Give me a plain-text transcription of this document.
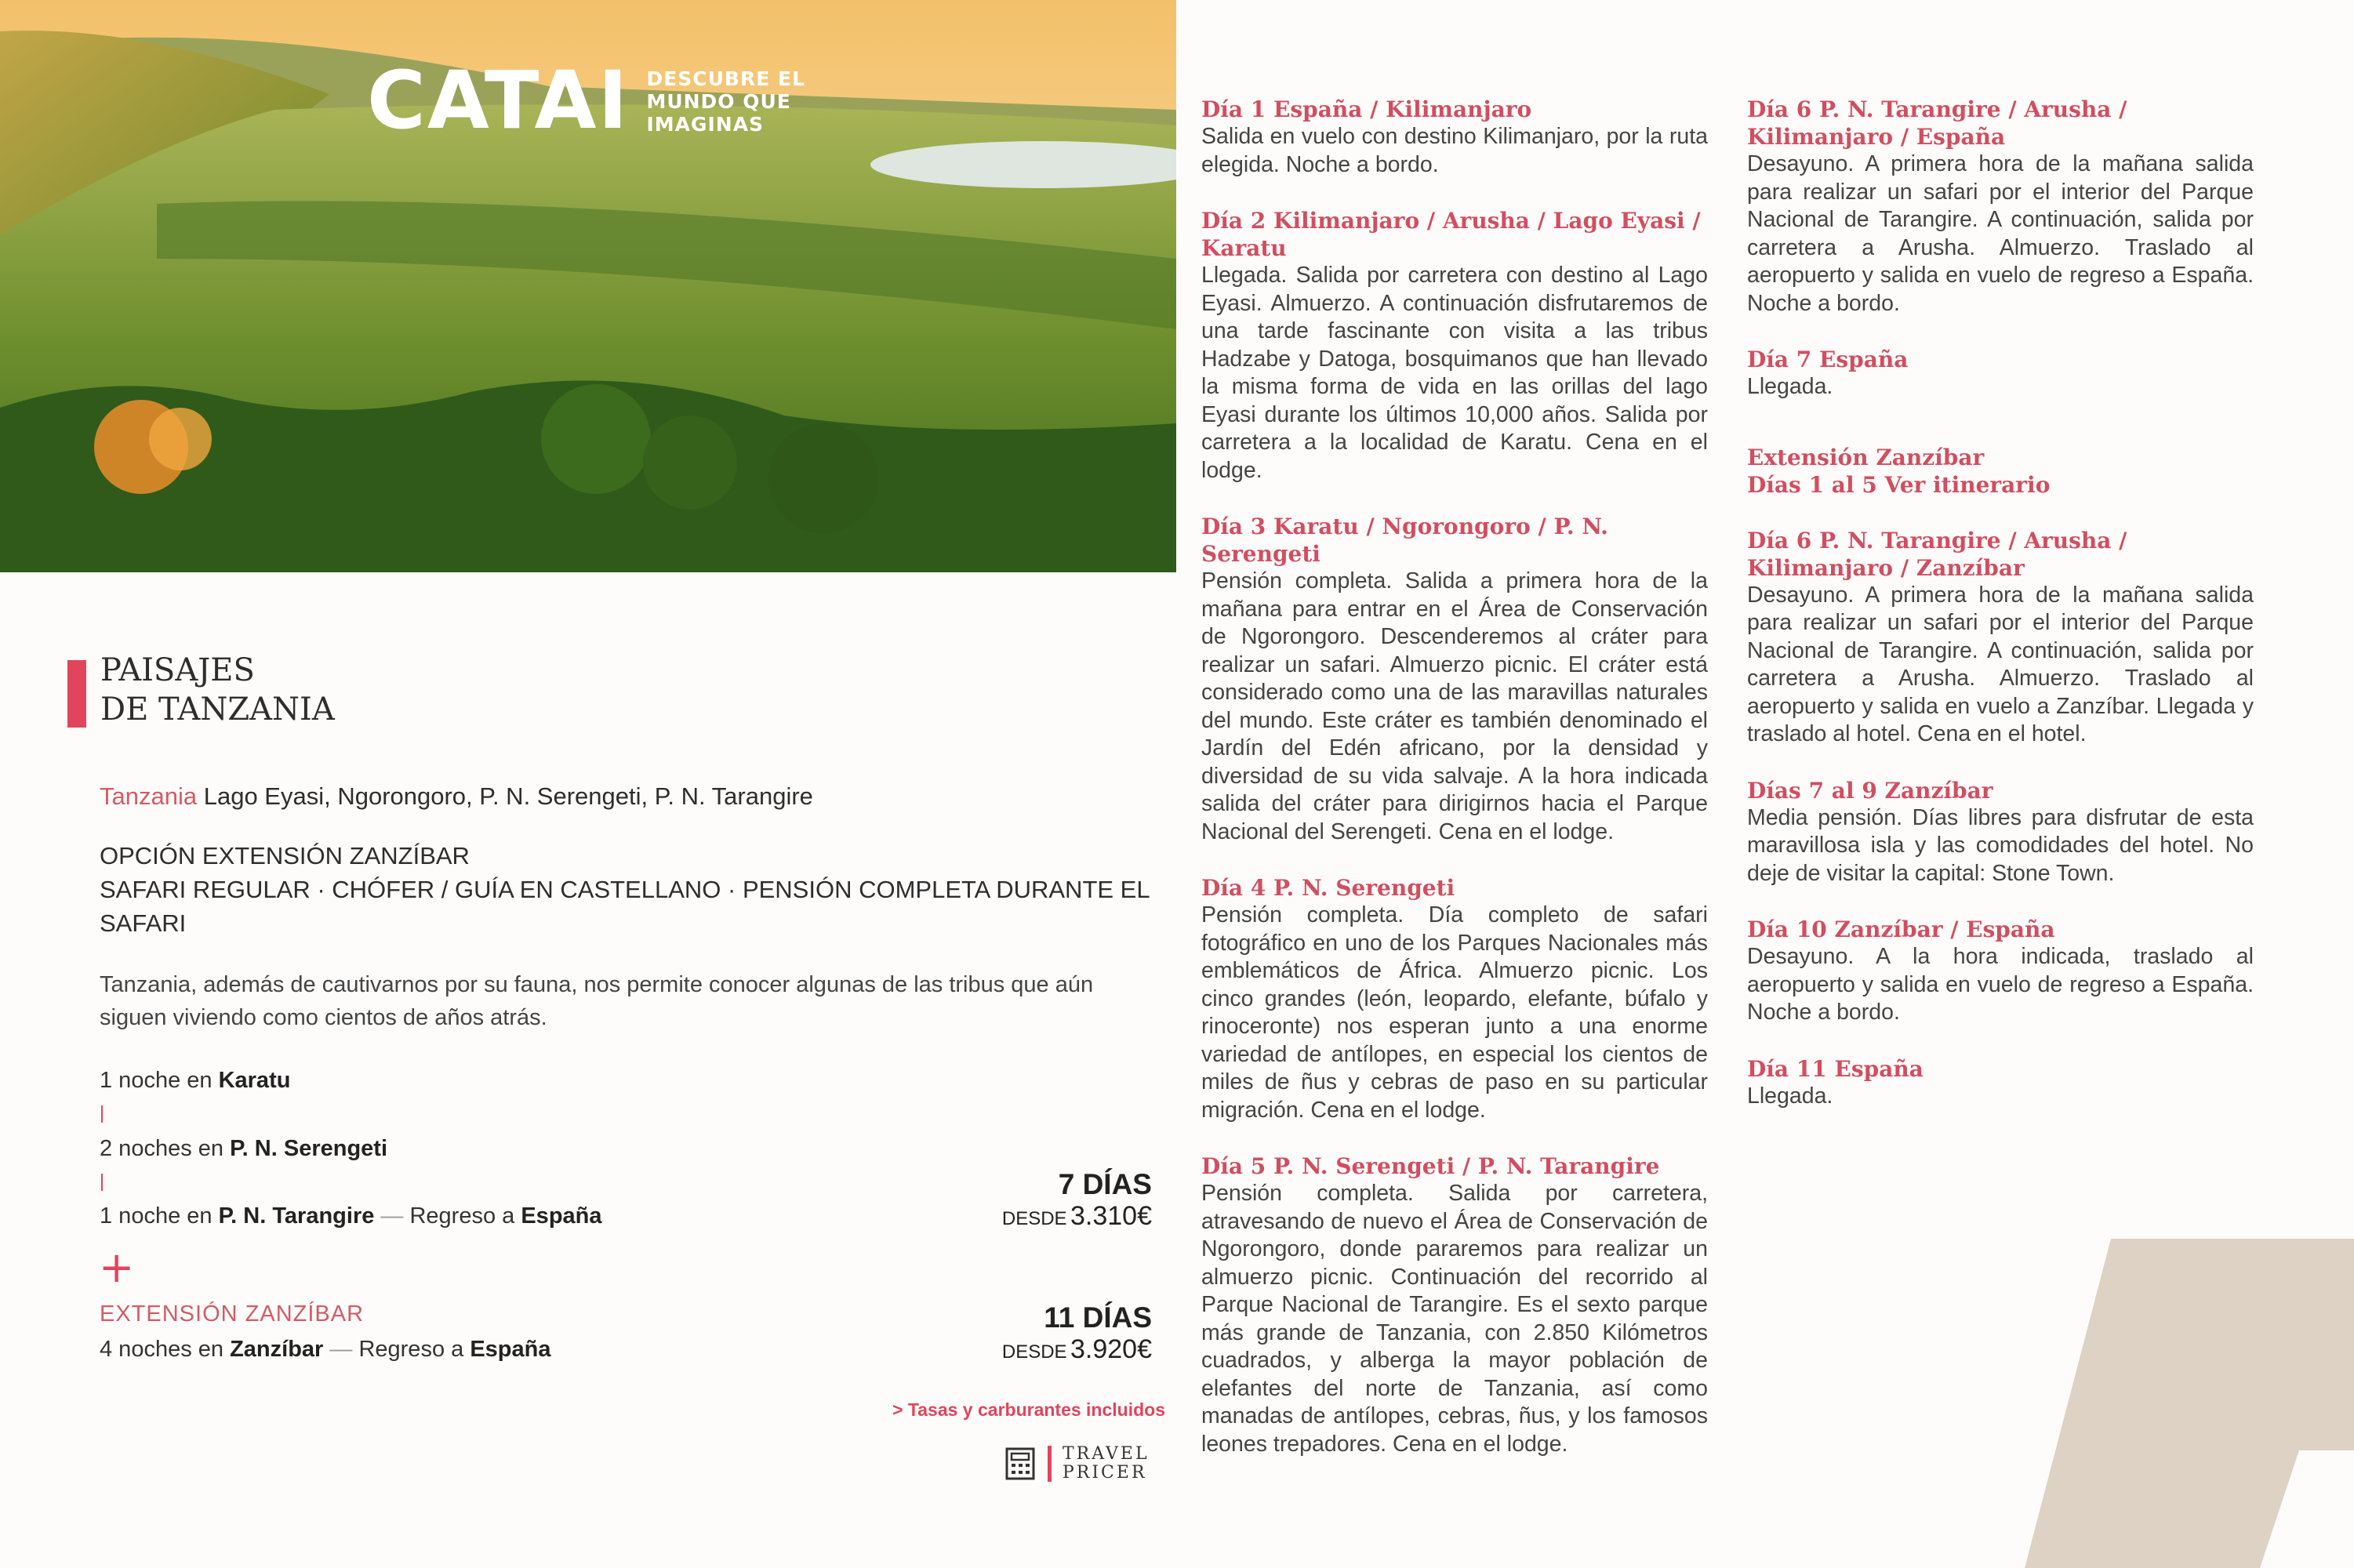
CATAI DESCUBRE EL
MUNDO QUE
IMAGINAS
PAISAJES
DE TANZANIA
Tanzania Lago Eyasi, Ngorongoro, P. N. Serengeti, P. N. Tarangire
OPCIÓN EXTENSIÓN ZANZÍBAR
SAFARI REGULAR · CHÓFER / GUÍA EN CASTELLANO · PENSIÓN COMPLETA DURANTE EL SAFARI
Tanzania, además de cautivarnos por su fauna, nos permite conocer algunas de las tribus que aún siguen viviendo como cientos de años atrás.
1 noche en Karatu
2 noches en P. N. Serengeti
1 noche en P. N. Tarangire — Regreso a España
+
EXTENSIÓN ZANZÍBAR
4 noches en Zanzíbar — Regreso a España
7 DÍAS
DESDE 3.310€
11 DÍAS
DESDE 3.920€
> Tasas y carburantes incluidos
TRAVEL
PRICER
Día 1 España / Kilimanjaro
Salida en vuelo con destino Kilimanjaro, por la ruta elegida. Noche a bordo.
Día 2 Kilimanjaro / Arusha / Lago Eyasi / Karatu
Llegada. Salida por carretera con destino al Lago Eyasi. Almuerzo. A continuación disfrutaremos de una tarde fascinante con visita a las tribus Hadzabe y Datoga, bosquimanos que han llevado la misma forma de vida en las orillas del lago Eyasi durante los últimos 10,000 años. Salida por carretera a la localidad de Karatu. Cena en el lodge.
Día 3 Karatu / Ngorongoro / P. N. Serengeti
Pensión completa. Salida a primera hora de la mañana para entrar en el Área de Conservación de Ngorongoro. Descenderemos al cráter para realizar un safari. Almuerzo picnic. El cráter está considerado como una de las maravillas naturales del mundo. Este cráter es también denominado el Jardín del Edén africano, por la densidad y diversidad de su vida salvaje. A la hora indicada salida del cráter para dirigirnos hacia el Parque Nacional del Serengeti. Cena en el lodge.
Día 4 P. N. Serengeti
Pensión completa. Día completo de safari fotográfico en uno de los Parques Nacionales más emblemáticos de África. Almuerzo picnic. Los cinco grandes (león, leopardo, elefante, búfalo y rinoceronte) nos esperan junto a una enorme variedad de antílopes, en especial los cientos de miles de ñus y cebras de paso en su particular migración. Cena en el lodge.
Día 5 P. N. Serengeti / P. N. Tarangire
Pensión completa. Salida por carretera, atravesando de nuevo el Área de Conservación de Ngorongoro, donde pararemos para realizar un almuerzo picnic. Continuación del recorrido al Parque Nacional de Tarangire. Es el sexto parque más grande de Tanzania, con 2.850 Kilómetros cuadrados, y alberga la mayor población de elefantes del norte de Tanzania, así como manadas de antílopes, cebras, ñus, y los famosos leones trepadores. Cena en el lodge.
Día 6 P. N. Tarangire / Arusha / Kilimanjaro / España
Desayuno. A primera hora de la mañana salida para realizar un safari por el interior del Parque Nacional de Tarangire. A continuación, salida por carretera a Arusha. Almuerzo. Traslado al aeropuerto y salida en vuelo de regreso a España. Noche a bordo.
Día 7 España
Llegada.
Extensión Zanzíbar
Días 1 al 5 Ver itinerario
Día 6 P. N. Tarangire / Arusha / Kilimanjaro / Zanzíbar
Desayuno. A primera hora de la mañana salida para realizar un safari por el interior del Parque Nacional de Tarangire. A continuación, salida por carretera a Arusha. Almuerzo. Traslado al aeropuerto y salida en vuelo a Zanzíbar. Llegada y traslado al hotel. Cena en el hotel.
Días 7 al 9 Zanzíbar
Media pensión. Días libres para disfrutar de esta maravillosa isla y las comodidades del hotel. No deje de visitar la capital: Stone Town.
Día 10 Zanzíbar / España
Desayuno. A la hora indicada, traslado al aeropuerto y salida en vuelo de regreso a España. Noche a bordo.
Día 11 España
Llegada.
